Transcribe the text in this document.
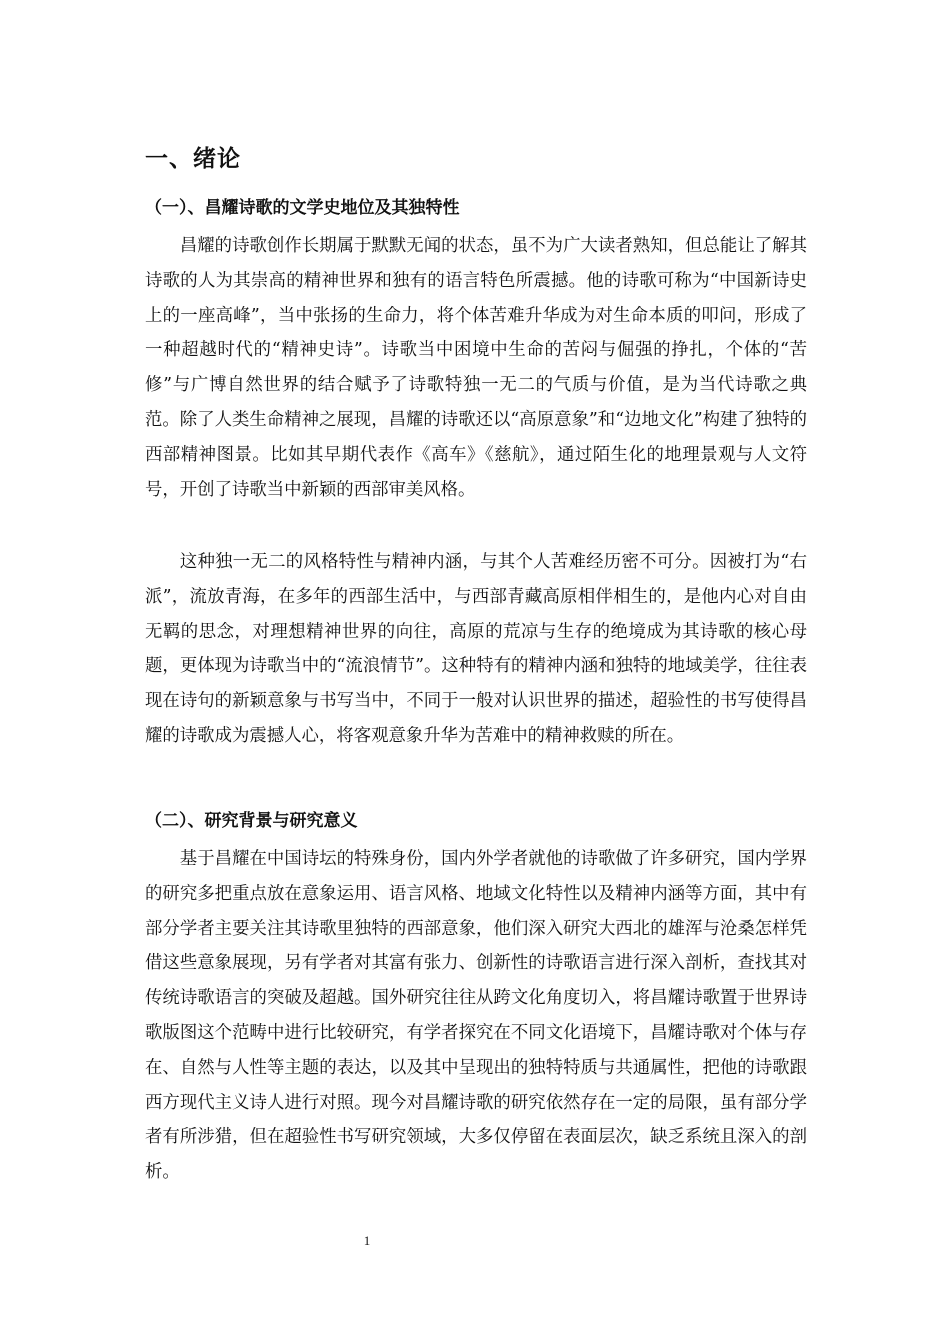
一、绪论
（一）、昌耀诗歌的文学史地位及其独特性

昌耀的诗歌创作长期属于默默无闻的状态，虽不为广大读者熟知，但总能让了解其诗歌的人为其崇高的精神世界和独有的语言特色所震撼。他的诗歌可称为“中国新诗史上的一座高峰”，当中张扬的生命力，将个体苦难升华成为对生命本质的叩问，形成了一种超越时代的“精神史诗”。诗歌当中困境中生命的苦闷与倔强的挣扎，个体的“苦修”与广博自然世界的结合赋予了诗歌特独一无二的气质与价值，是为当代诗歌之典范。除了人类生命精神之展现，昌耀的诗歌还以“高原意象”和“边地文化”构建了独特的西部精神图景。比如其早期代表作《高车》《慈航》，通过陌生化的地理景观与人文符号，开创了诗歌当中新颖的西部审美风格。

这种独一无二的风格特性与精神内涵，与其个人苦难经历密不可分。因被打为“右派”，流放青海，在多年的西部生活中，与西部青藏高原相伴相生的，是他内心对自由无羁的思念，对理想精神世界的向往，高原的荒凉与生存的绝境成为其诗歌的核心母题，更体现为诗歌当中的“流浪情节”。这种特有的精神内涵和独特的地域美学，往往表现在诗句的新颖意象与书写当中，不同于一般对认识世界的描述，超验性的书写使得昌耀的诗歌成为震撼人心，将客观意象升华为苦难中的精神救赎的所在。

（二）、研究背景与研究意义

基于昌耀在中国诗坛的特殊身份，国内外学者就他的诗歌做了许多研究，国内学界的研究多把重点放在意象运用、语言风格、地域文化特性以及精神内涵等方面，其中有部分学者主要关注其诗歌里独特的西部意象，他们深入研究大西北的雄浑与沧桑怎样凭借这些意象展现，另有学者对其富有张力、创新性的诗歌语言进行深入剖析，查找其对传统诗歌语言的突破及超越。国外研究往往从跨文化角度切入，将昌耀诗歌置于世界诗歌版图这个范畴中进行比较研究，有学者探究在不同文化语境下，昌耀诗歌对个体与存在、自然与人性等主题的表达，以及其中呈现出的独特特质与共通属性，把他的诗歌跟西方现代主义诗人进行对照。现今对昌耀诗歌的研究依然存在一定的局限，虽有部分学者有所涉猎，但在超验性书写研究领域，大多仅停留在表面层次，缺乏系统且深入的剖析。

1
